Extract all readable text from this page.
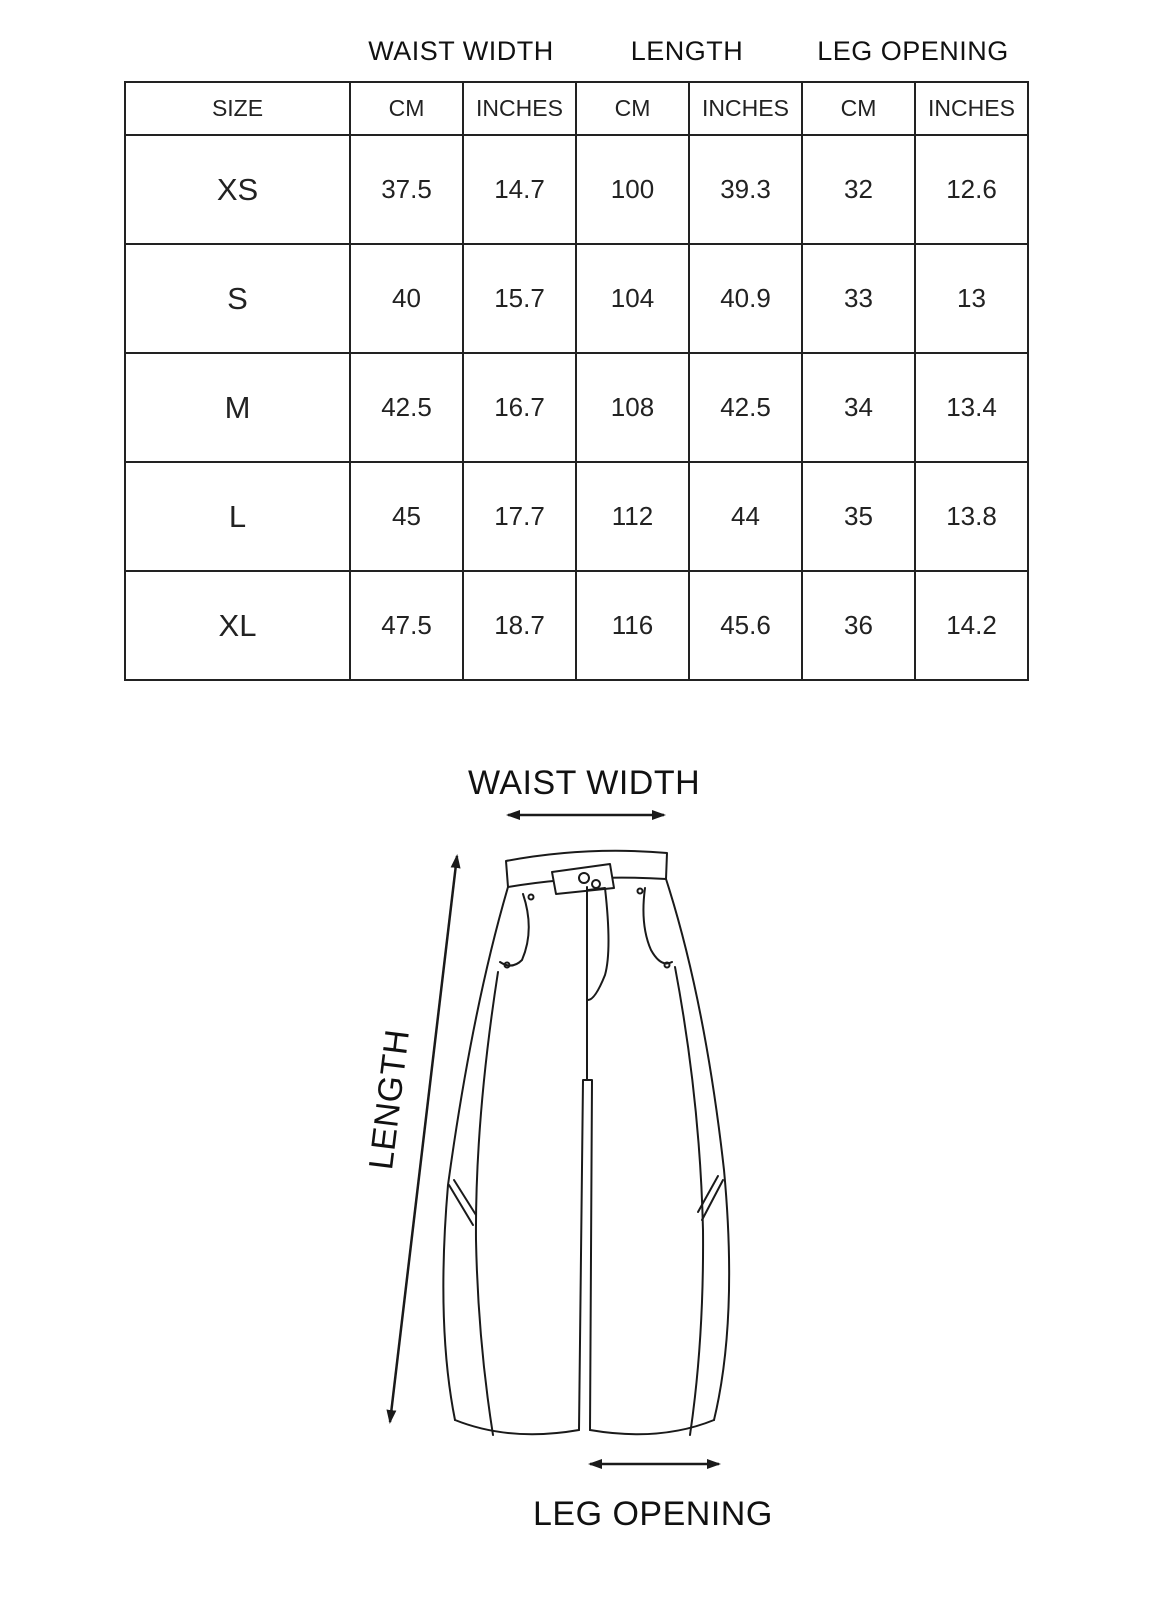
WAIST WIDTH	LENGTH	LEG OPENING
SIZE	CM	INCHES	CM	INCHES	CM	INCHES
XS	37.5	14.7	100	39.3	32	12.6
S	40	15.7	104	40.9	33	13
M	42.5	16.7	108	42.5	34	13.4
L	45	17.7	112	44	35	13.8
XL	47.5	18.7	116	45.6	36	14.2
WAIST WIDTH
LENGTH
LEG OPENING
